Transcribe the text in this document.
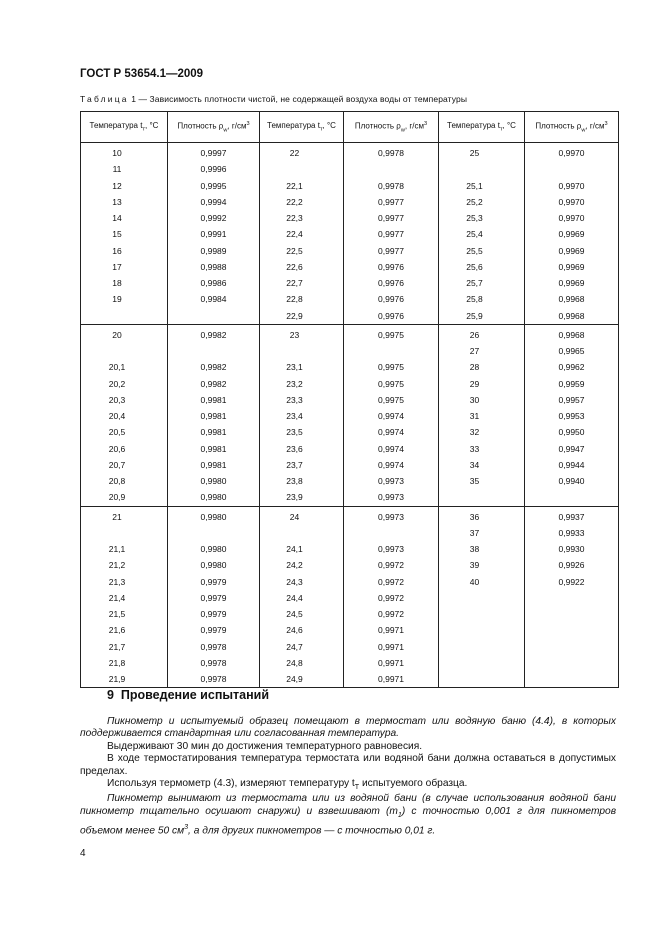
ГОСТ Р 53654.1—2009
Таблица 1 — Зависимость плотности чистой, не содержащей воздуха воды от температуры
Температура $t_т$, °С	Плотность $\rho_w$, $г/см^3$	Температура $t_т$, °С	Плотность $\rho_w$, $г/см^3$	Температура $t_т$, °С	Плотность $\rho_w$, $г/см^3$
10	0,9997	22	0,9978	25	0,9970
11	0,9996				
12	0,9995	22,1	0,9978	25,1	0,9970
13	0,9994	22,2	0,9977	25,2	0,9970
14	0,9992	22,3	0,9977	25,3	0,9970
15	0,9991	22,4	0,9977	25,4	0,9969
16	0,9989	22,5	0,9977	25,5	0,9969
17	0,9988	22,6	0,9976	25,6	0,9969
18	0,9986	22,7	0,9976	25,7	0,9969
19	0,9984	22,8	0,9976	25,8	0,9968
		22,9	0,9976	25,9	0,9968
20	0,9982	23	0,9975	26	0,9968
				27	0,9965
20,1	0,9982	23,1	0,9975	28	0,9962
20,2	0,9982	23,2	0,9975	29	0,9959
20,3	0,9981	23,3	0,9975	30	0,9957
20,4	0,9981	23,4	0,9974	31	0,9953
20,5	0,9981	23,5	0,9974	32	0,9950
20,6	0,9981	23,6	0,9974	33	0,9947
20,7	0,9981	23,7	0,9974	34	0,9944
20,8	0,9980	23,8	0,9973	35	0,9940
20,9	0,9980	23,9	0,9973		
21	0,9980	24	0,9973	36	0,9937
				37	0,9933
21,1	0,9980	24,1	0,9973	38	0,9930
21,2	0,9980	24,2	0,9972	39	0,9926
21,3	0,9979	24,3	0,9972	40	0,9922
21,4	0,9979	24,4	0,9972		
21,5	0,9979	24,5	0,9972		
21,6	0,9979	24,6	0,9971		
21,7	0,9978	24,7	0,9971		
21,8	0,9978	24,8	0,9971		
21,9	0,9978	24,9	0,9971		
9 Проведение испытаний

Пикнометр и испытуемый образец помещают в термостат или водяную баню (4.4), в которых поддерживается стандартная или согласованная температура.

Выдерживают 30 мин до достижения температурного равновесия.

В ходе термостатирования температура термостата или водяной бани должна оставаться в допустимых пределах.

Используя термометр (4.3), измеряют температуру $t_T$ испытуемого образца.

Пикнометр вынимают из термостата или из водяной бани (в случае использования водяной бани пикнометр тщательно осушают снаружи) и взвешивают $(m_1)$ с точностью 0,001 г для пикнометров объемом менее 50 $см^3$, а для других пикнометров — с точностью 0,01 г.

4
